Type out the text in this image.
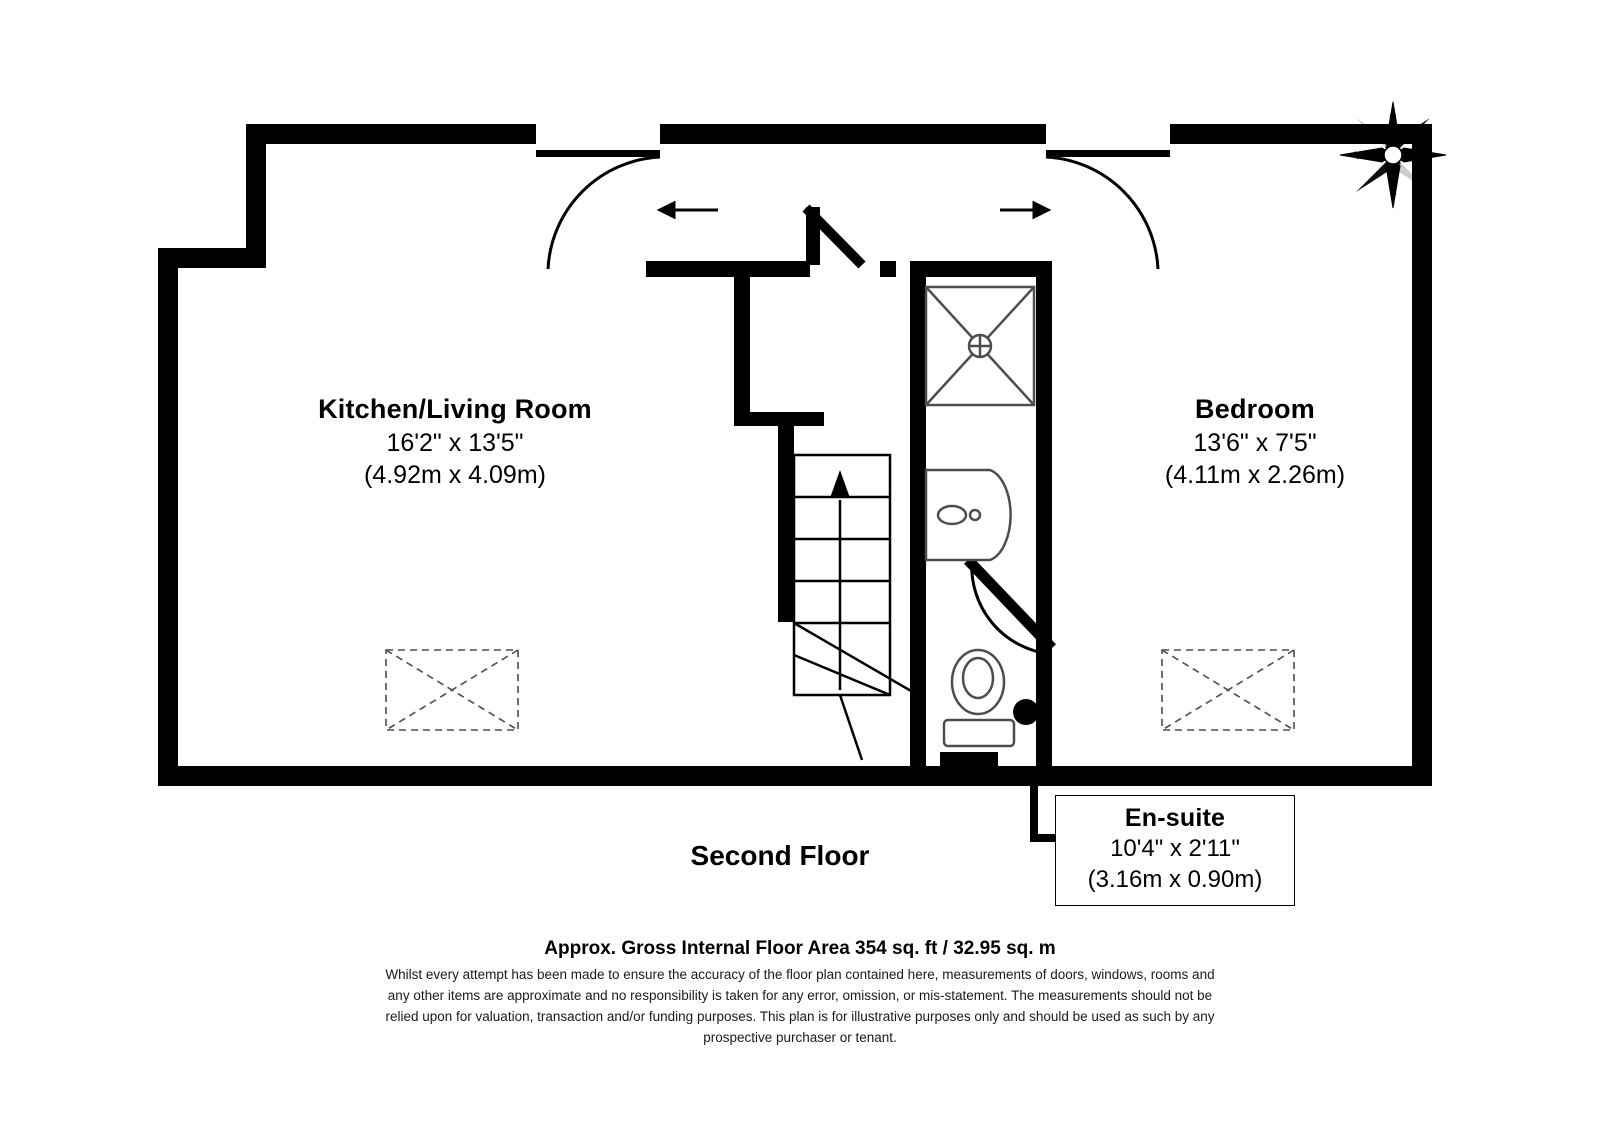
Kitchen/Living Room
16'2" x 13'5"
(4.92m x 4.09m)
Bedroom
13'6" x 7'5"
(4.11m x 2.26m)
En-suite
10'4" x 2'11"
(3.16m x 0.90m)
Second Floor
Approx. Gross Internal Floor Area 354 sq. ft / 32.95 sq. m
Whilst every attempt has been made to ensure the accuracy of the floor plan contained here, measurements of doors, windows, rooms and any other items are approximate and no responsibility is taken for any error, omission, or mis-statement. The measurements should not be relied upon for valuation, transaction and/or funding purposes. This plan is for illustrative purposes only and should be used as such by any prospective purchaser or tenant.
N
E
S
W
